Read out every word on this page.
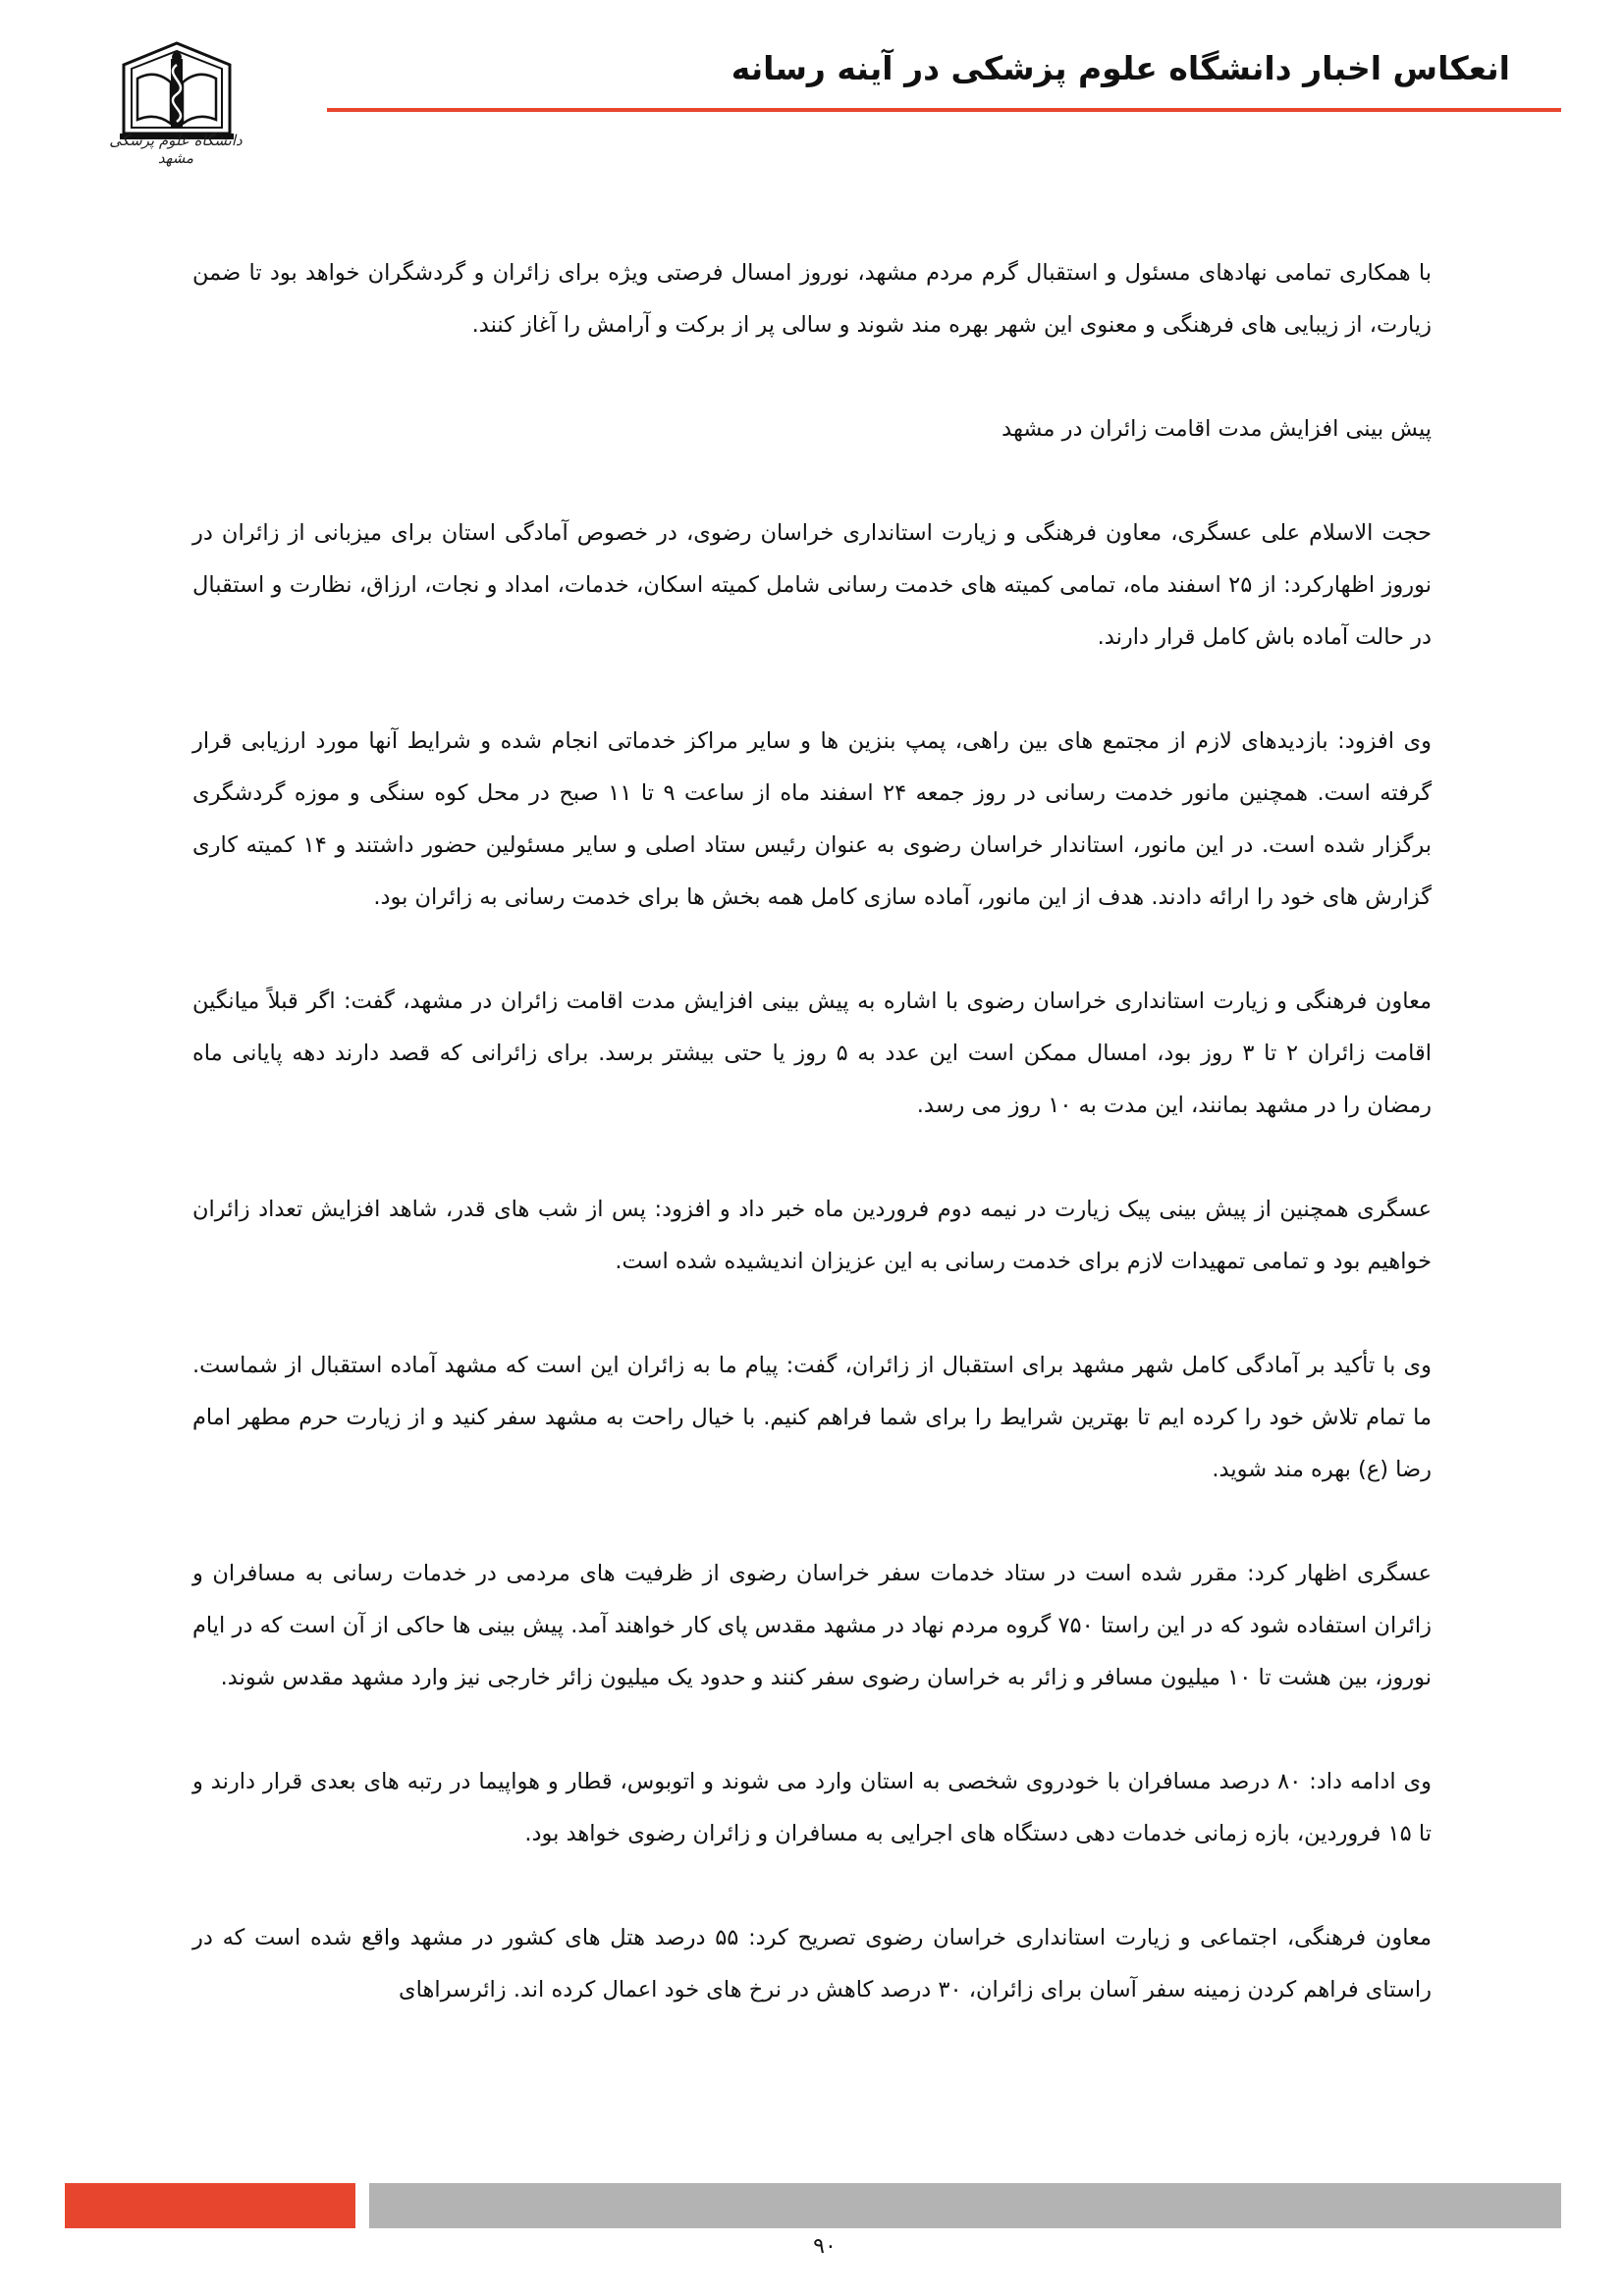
انعکاس اخبار دانشگاه علوم پزشکی در آینه رسانه
دانشگاه علوم پزشکی مشهد

با همکاری تمامی نهادهای مسئول و استقبال گرم مردم مشهد، نوروز امسال فرصتی ویژه برای زائران و گردشگران خواهد بود تا ضمن زیارت، از زیبایی های فرهنگی و معنوی این شهر بهره مند شوند و سالی پر از برکت و آرامش را آغاز کنند.

پیش بینی افزایش مدت اقامت زائران در مشهد

حجت الاسلام علی عسگری، معاون فرهنگی و زیارت استانداری خراسان رضوی، در خصوص آمادگی استان برای میزبانی از زائران در نوروز اظهارکرد: از ۲۵ اسفند ماه، تمامی کمیته های خدمت رسانی شامل کمیته اسکان، خدمات، امداد و نجات، ارزاق، نظارت و استقبال در حالت آماده باش کامل قرار دارند.

وی افزود: بازدیدهای لازم از مجتمع های بین راهی، پمپ بنزین ها و سایر مراکز خدماتی انجام شده و شرایط آنها مورد ارزیابی قرار گرفته است. همچنین مانور خدمت رسانی در روز جمعه ۲۴ اسفند ماه از ساعت ۹ تا ۱۱ صبح در محل کوه سنگی و موزه گردشگری برگزار شده است. در این مانور، استاندار خراسان رضوی به عنوان رئیس ستاد اصلی و سایر مسئولین حضور داشتند و ۱۴ کمیته کاری گزارش های خود را ارائه دادند. هدف از این مانور، آماده سازی کامل همه بخش ها برای خدمت رسانی به زائران بود.

معاون فرهنگی و زیارت استانداری خراسان رضوی با اشاره به پیش بینی افزایش مدت اقامت زائران در مشهد، گفت: اگر قبلاً میانگین اقامت زائران ۲ تا ۳ روز بود، امسال ممکن است این عدد به ۵ روز یا حتی بیشتر برسد. برای زائرانی که قصد دارند دهه پایانی ماه رمضان را در مشهد بمانند، این مدت به ۱۰ روز می رسد.

عسگری همچنین از پیش بینی پیک زیارت در نیمه دوم فروردین ماه خبر داد و افزود: پس از شب های قدر، شاهد افزایش تعداد زائران خواهیم بود و تمامی تمهیدات لازم برای خدمت رسانی به این عزیزان اندیشیده شده است.

وی با تأکید بر آمادگی کامل شهر مشهد برای استقبال از زائران، گفت: پیام ما به زائران این است که مشهد آماده استقبال از شماست. ما تمام تلاش خود را کرده ایم تا بهترین شرایط را برای شما فراهم کنیم. با خیال راحت به مشهد سفر کنید و از زیارت حرم مطهر امام رضا (ع) بهره مند شوید.

عسگری اظهار کرد: مقرر شده است در ستاد خدمات سفر خراسان رضوی از ظرفیت های مردمی در خدمات رسانی به مسافران و زائران استفاده شود که در این راستا ۷۵۰ گروه مردم نهاد در مشهد مقدس پای کار خواهند آمد. پیش بینی ها حاکی از آن است که در ایام نوروز، بین هشت تا ۱۰ میلیون مسافر و زائر به خراسان رضوی سفر کنند و حدود یک میلیون زائر خارجی نیز وارد مشهد مقدس شوند.

وی ادامه داد: ۸۰ درصد مسافران با خودروی شخصی به استان وارد می شوند و اتوبوس، قطار و هواپیما در رتبه های بعدی قرار دارند و تا ۱۵ فروردین، بازه زمانی خدمات دهی دستگاه های اجرایی به مسافران و زائران رضوی خواهد بود.

معاون فرهنگی، اجتماعی و زیارت استانداری خراسان رضوی تصریح کرد: ۵۵ درصد هتل های کشور در مشهد واقع شده است که در راستای فراهم کردن زمینه سفر آسان برای زائران، ۳۰ درصد کاهش در نرخ های خود اعمال کرده اند. زائرسراهای

۹۰
